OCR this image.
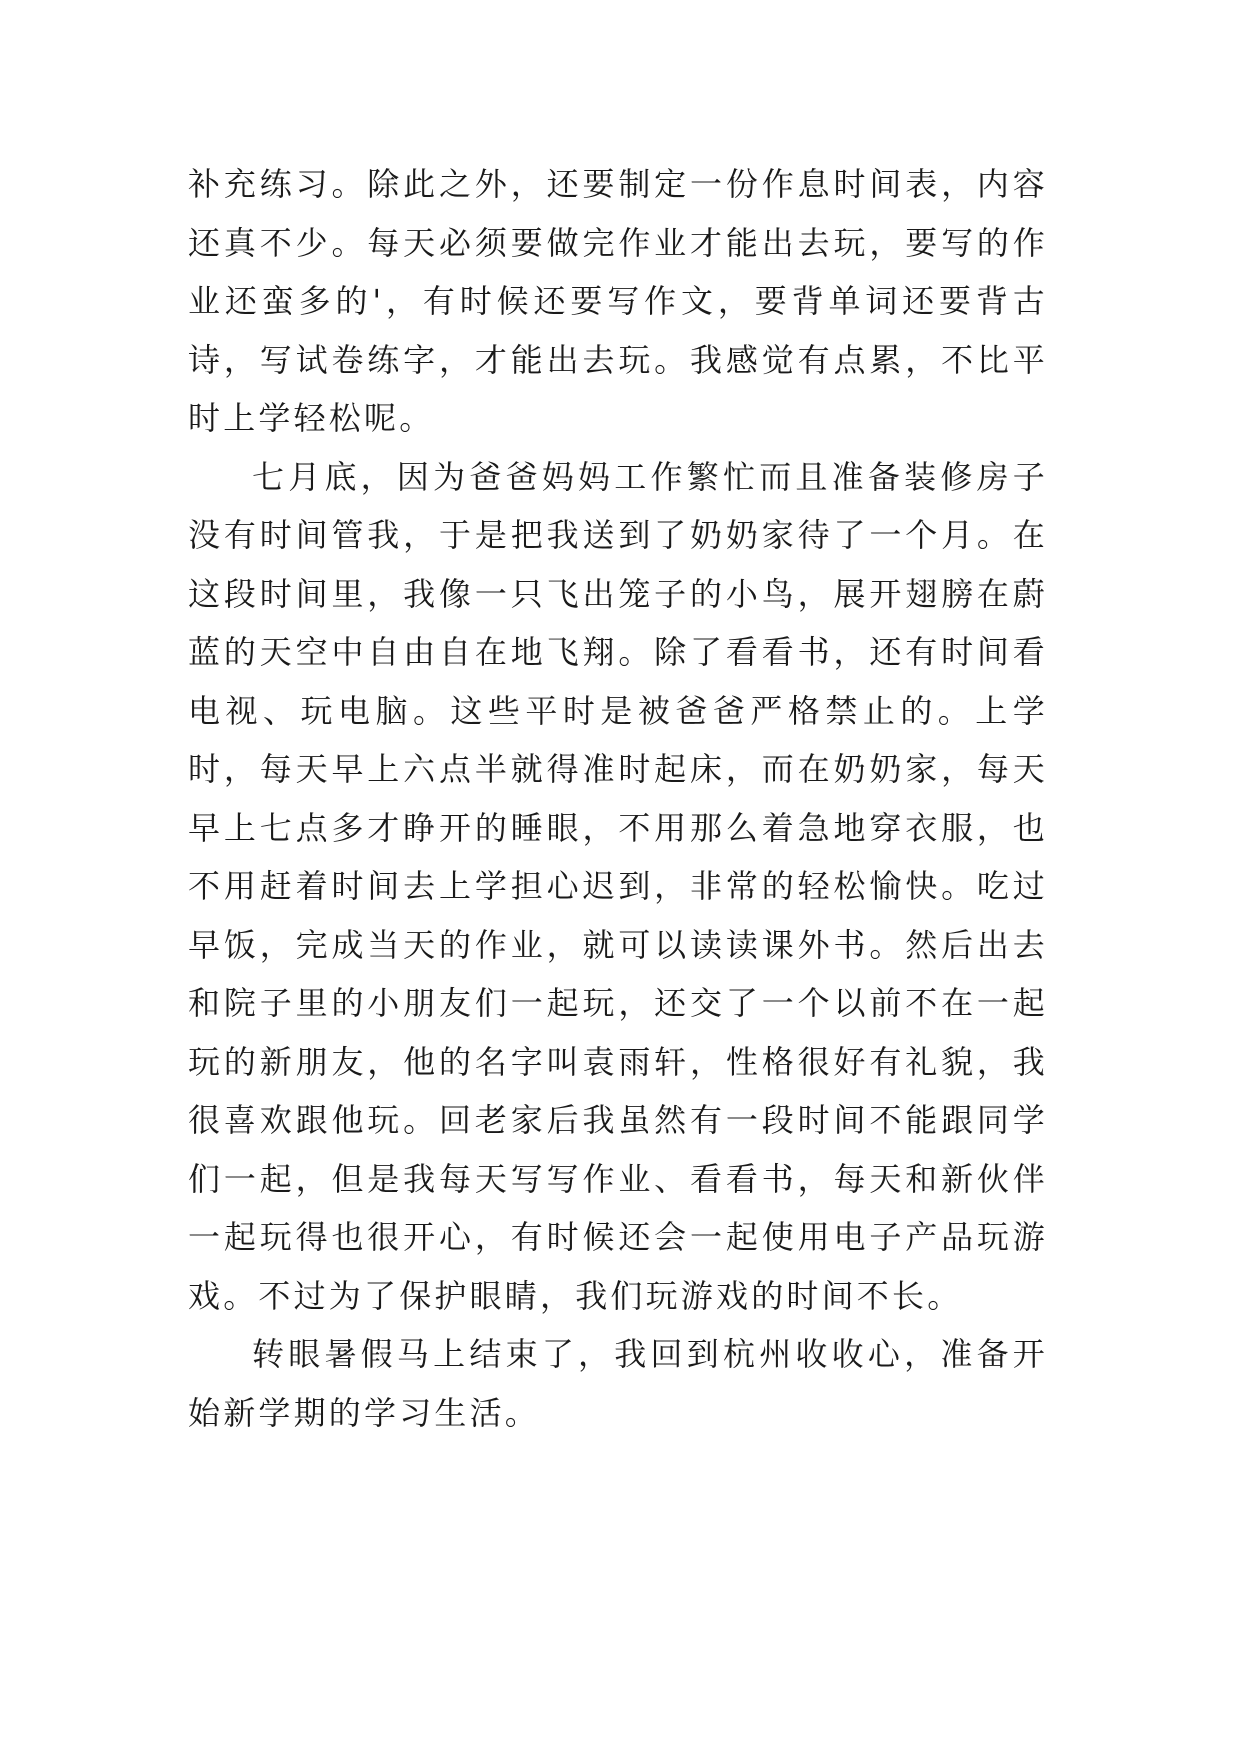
补充练习。除此之外，还要制定一份作息时间表，内容还真不少。每天必须要做完作业才能出去玩，要写的作业还蛮多的'，有时候还要写作文，要背单词还要背古诗，写试卷练字，才能出去玩。我感觉有点累，不比平时上学轻松呢。

七月底，因为爸爸妈妈工作繁忙而且准备装修房子没有时间管我，于是把我送到了奶奶家待了一个月。在这段时间里，我像一只飞出笼子的小鸟，展开翅膀在蔚蓝的天空中自由自在地飞翔。除了看看书，还有时间看电视、玩电脑。这些平时是被爸爸严格禁止的。上学时，每天早上六点半就得准时起床，而在奶奶家，每天早上七点多才睁开的睡眼，不用那么着急地穿衣服，也不用赶着时间去上学担心迟到，非常的轻松愉快。吃过早饭，完成当天的作业，就可以读读课外书。然后出去和院子里的小朋友们一起玩，还交了一个以前不在一起玩的新朋友，他的名字叫袁雨轩，性格很好有礼貌，我很喜欢跟他玩。回老家后我虽然有一段时间不能跟同学们一起，但是我每天写写作业、看看书，每天和新伙伴一起玩得也很开心，有时候还会一起使用电子产品玩游戏。不过为了保护眼睛，我们玩游戏的时间不长。

转眼暑假马上结束了，我回到杭州收收心，准备开始新学期的学习生活。
